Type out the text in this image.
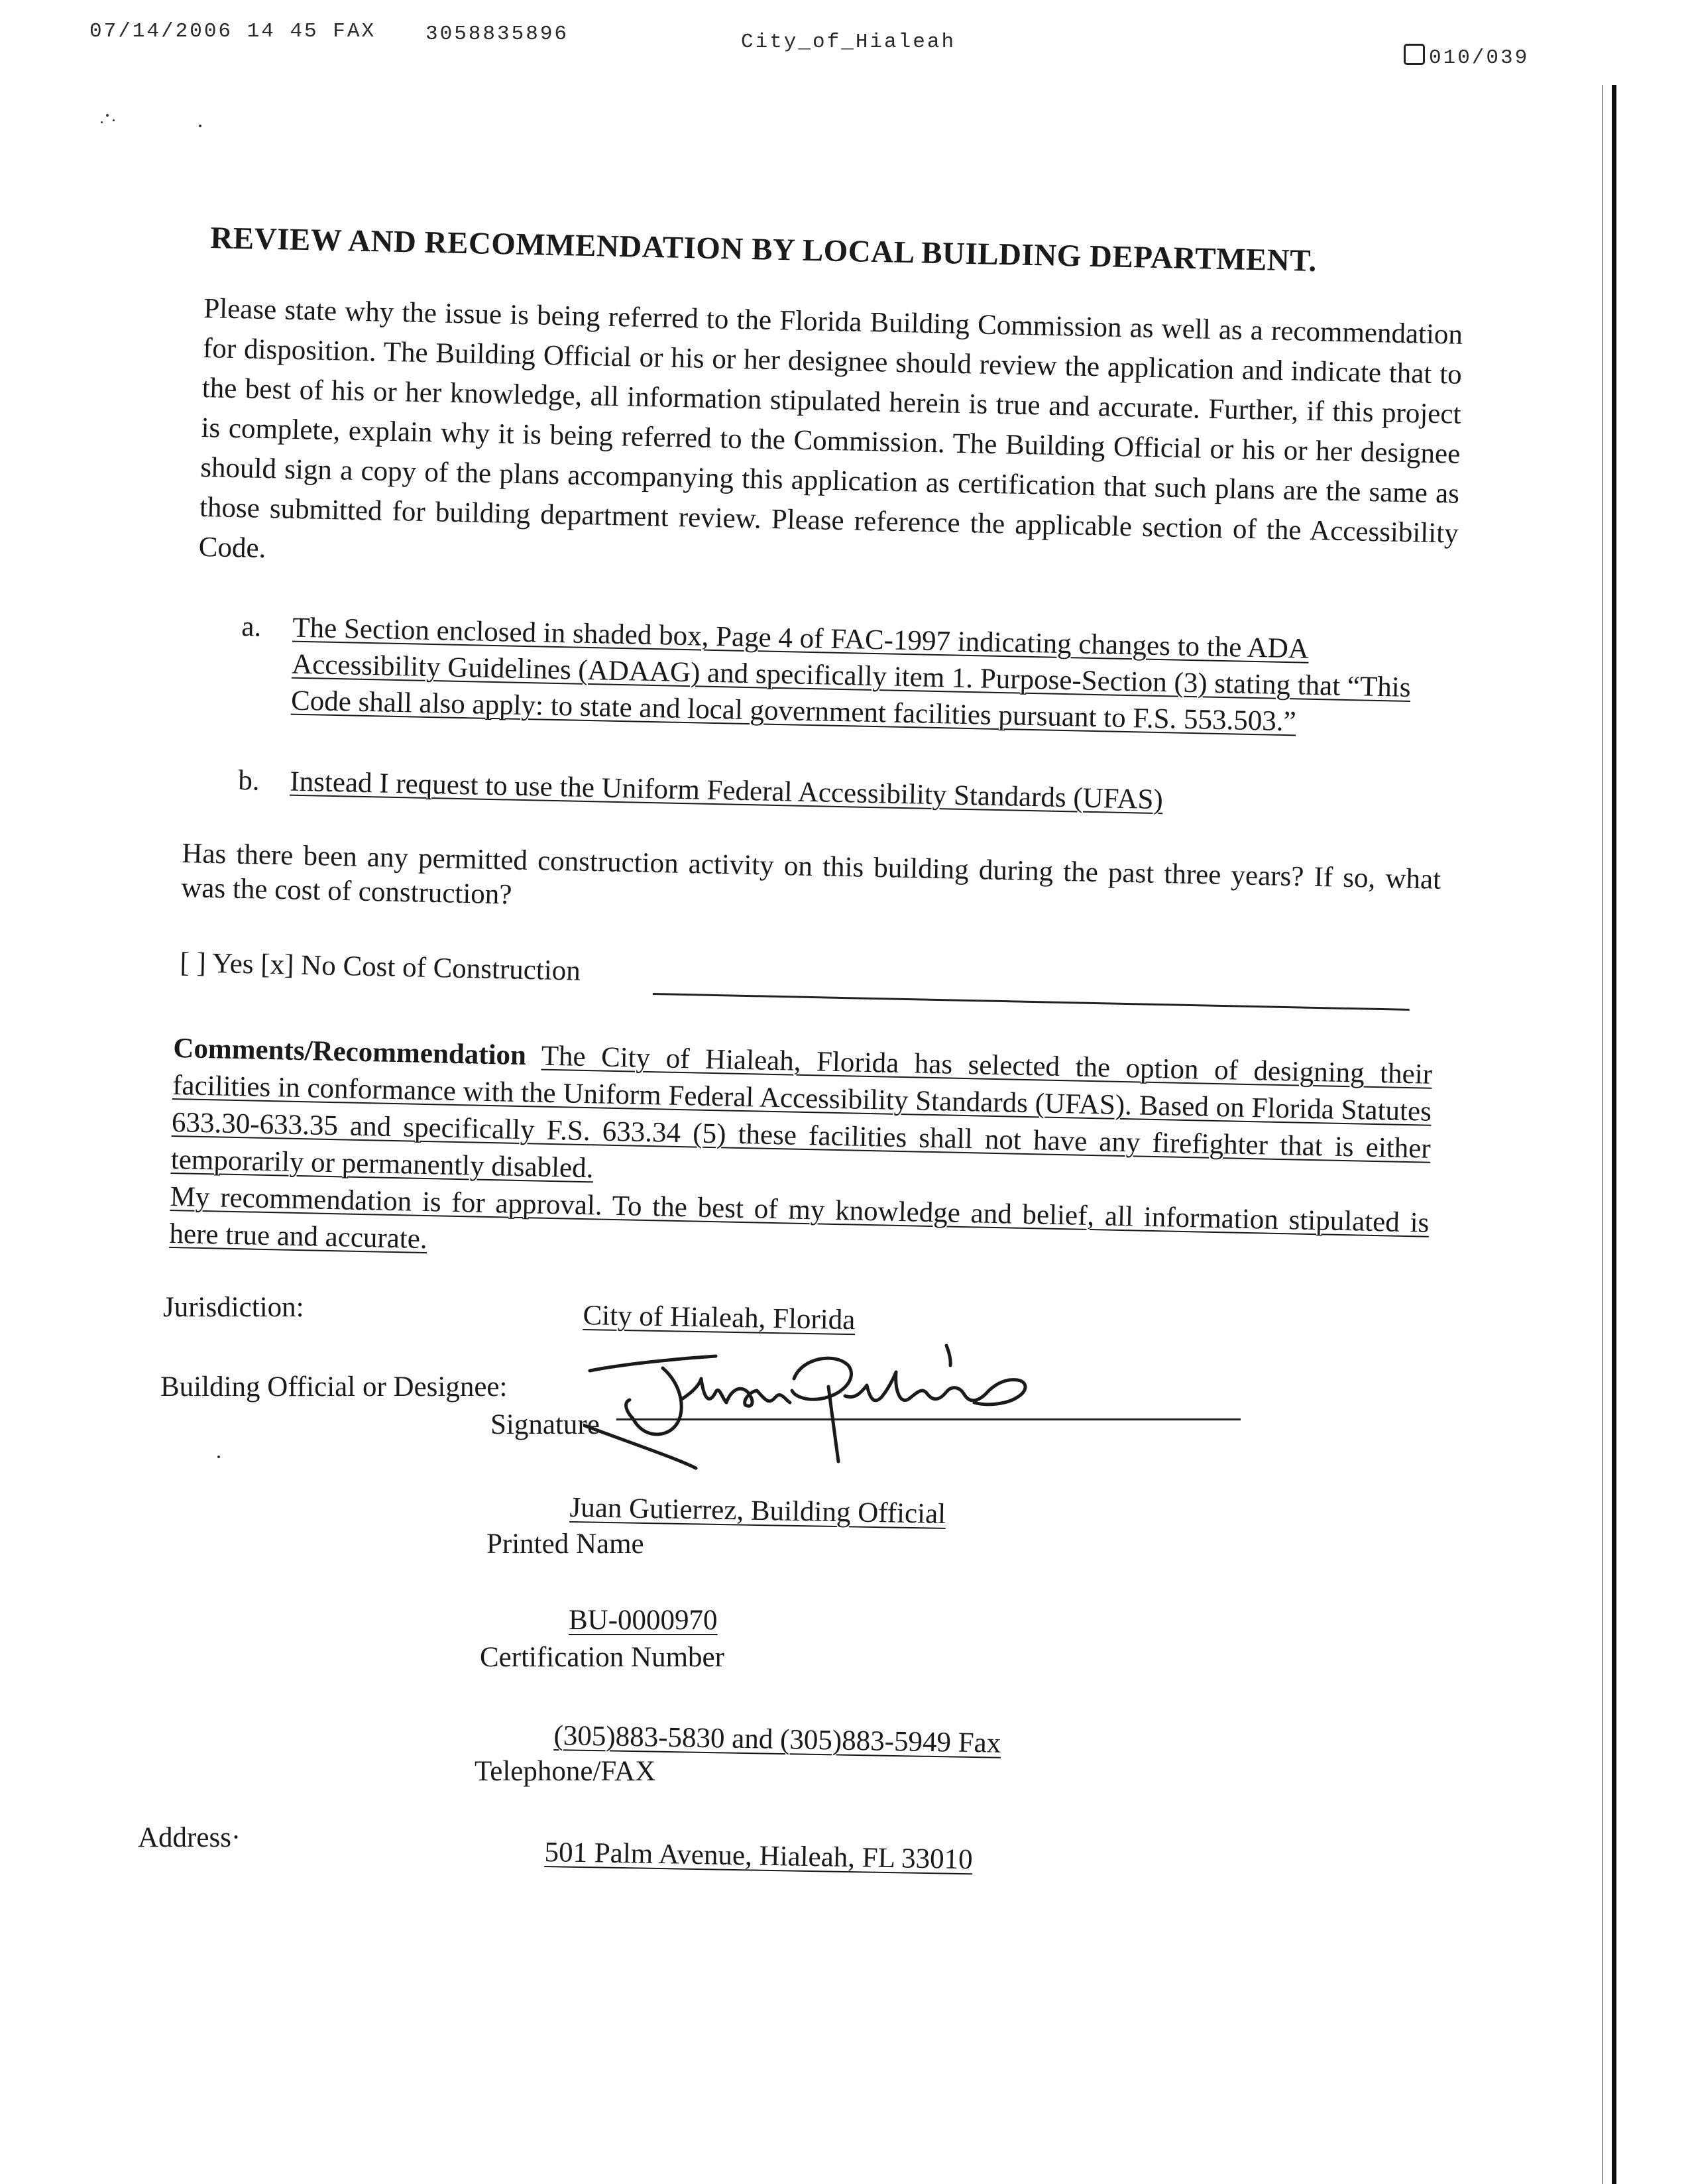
07/14/2006 14 45 FAX 3058835896	City_of_Hialeah
010/039
REVIEW AND RECOMMENDATION BY LOCAL BUILDING DEPARTMENT.
Please state why the issue is being referred to the Florida Building Commission as well as a recommendation for disposition. The Building Official or his or her designee should review the application and indicate that to the best of his or her knowledge, all information stipulated herein is true and accurate. Further, if this project is complete, explain why it is being referred to the Commission. The Building Official or his or her designee should sign a copy of the plans accompanying this application as certification that such plans are the same as those submitted for building department review. Please reference the applicable section of the Accessibility Code.
a. The Section enclosed in shaded box, Page 4 of FAC-1997 indicating changes to the ADA Accessibility Guidelines (ADAAG) and specifically item 1. Purpose-Section (3) stating that “This Code shall also apply: to state and local government facilities pursuant to F.S. 553.503.”
b. Instead I request to use the Uniform Federal Accessibility Standards (UFAS)
Has there been any permitted construction activity on this building during the past three years? If so, what was the cost of construction?
[ ] Yes [x] No Cost of Construction
Comments/Recommendation The City of Hialeah, Florida has selected the option of designing their facilities in conformance with the Uniform Federal Accessibility Standards (UFAS). Based on Florida Statutes 633.30-633.35 and specifically F.S. 633.34 (5) these facilities shall not have any firefighter that is either temporarily or permanently disabled.
My recommendation is for approval. To the best of my knowledge and belief, all information stipulated is here true and accurate.
Jurisdiction:	City of Hialeah, Florida
Building Official or Designee:
Signature
Juan Gutierrez, Building Official
Printed Name
BU-0000970
Certification Number
(305)883-5830 and (305)883-5949 Fax
Telephone/FAX
Address·	501 Palm Avenue, Hialeah, FL 33010
